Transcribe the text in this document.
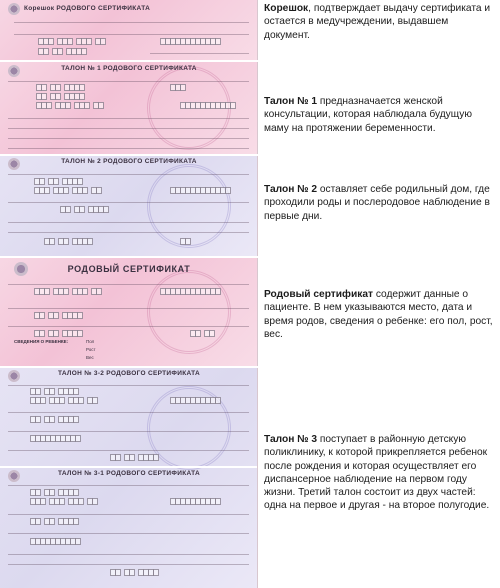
Корешок РОДОВОГО СЕРТИФИКАТА	Корешок, подтверждает выдачу сертификата и остается в медучреждении, выдавшем документ.
ТАЛОН № 1 РОДОВОГО СЕРТИФИКАТА
Талон № 1 предназначается женской консультации, которая наблюдала будущую маму на протяжении беременности.
ТАЛОН № 2 РОДОВОГО СЕРТИФИКАТА
Талон № 2 оставляет себе родильный дом, где проходили роды и послеродовое наблюдение в первые дни.
РОДОВЫЙ СЕРТИФИКАТ
СВЕДЕНИЯ О РЕБЕНКЕ:	Пол
Рост
Вес
Родовый сертификат содержит данные о пациенте. В нем указываются место, дата и время родов, сведения о ребенке: его пол, рост, вес.
ТАЛОН № 3-2 РОДОВОГО СЕРТИФИКАТА
ТАЛОН № 3-1 РОДОВОГО СЕРТИФИКАТА
Талон № 3 поступает в районную детскую поликлинику, к которой прикрепляется ребенок после рождения и которая осуществляет его диспансерное наблюдение на первом году жизни. Третий талон состоит из двух частей: одна на первое и другая - на второе полугодие.
